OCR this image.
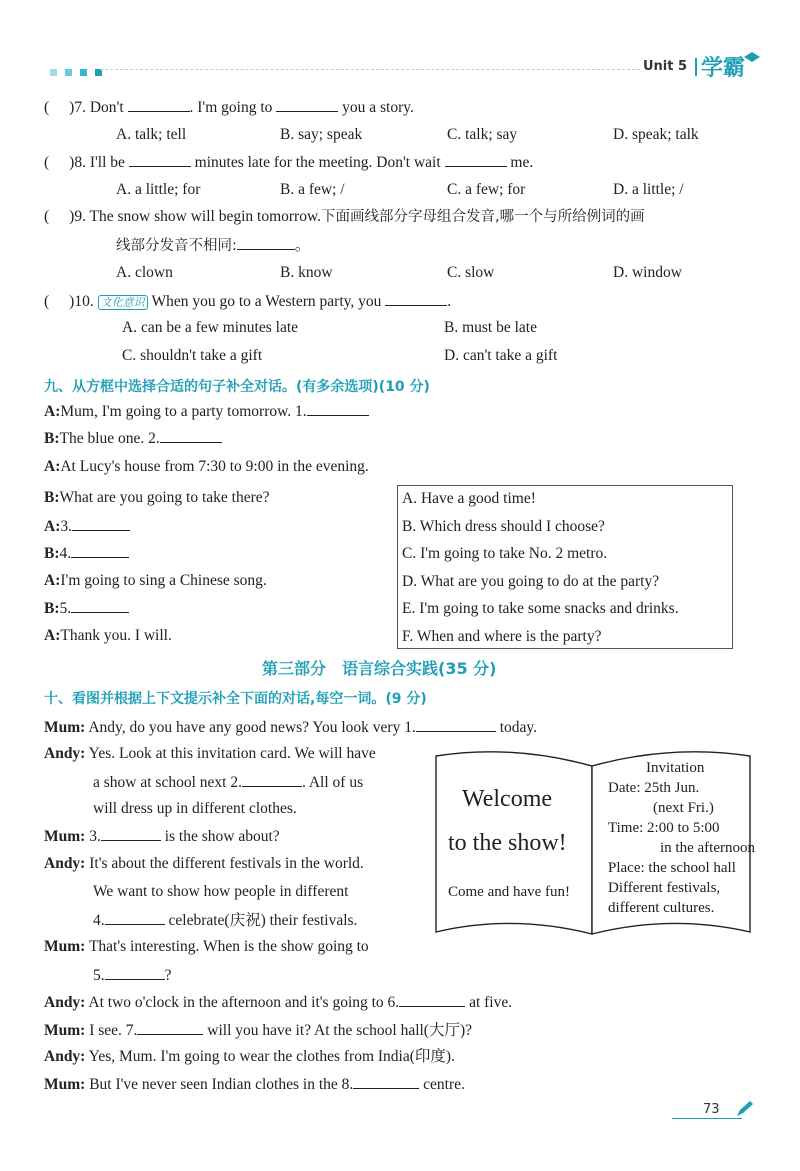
Unit 5 学霸
( )7. Don't	. I'm going to	you a story.
A. talk; tell	B. say; speak	C. talk; say	D. speak; talk
( )8. I'll be	minutes late for the meeting. Don't wait	me.
A. a little; for	B. a few; /	C. a few; for	D. a little; /
( )9. The snow show will begin tomorrow.下面画线部分字母组合发音,哪一个与所给例词的画
线部分发音不相同:	。
A. clown	B. know	C. slow	D. window
( )10. 文化意识 When you go to a Western party, you	.
A. can be a few minutes late	B. must be late
C. shouldn't take a gift	D. can't take a gift
九、从方框中选择合适的句子补全对话。(有多余选项)(10 分)
A:Mum, I'm going to a party tomorrow. 1.
B:The blue one. 2.
A:At Lucy's house from 7:30 to 9:00 in the evening.
B:What are you going to take there?
A:3.
B:4.
A:I'm going to sing a Chinese song.
B:5.
A:Thank you. I will.
A. Have a good time!
B. Which dress should I choose?
C. I'm going to take No. 2 metro.
D. What are you going to do at the party?
E. I'm going to take some snacks and drinks.
F. When and where is the party?
第三部分　语言综合实践(35 分)
十、看图并根据上下文提示补全下面的对话,每空一词。(9 分)
Mum: Andy, do you have any good news? You look very 1.	today.
Andy: Yes. Look at this invitation card. We will have
a show at school next 2.	. All of us
will dress up in different clothes.
Mum: 3.	is the show about?
Andy: It's about the different festivals in the world.
We want to show how people in different
4.	celebrate(庆祝) their festivals.
Mum: That's interesting. When is the show going to
5.	?
Andy: At two o'clock in the afternoon and it's going to 6.	at five.
Mum: I see. 7.	will you have it? At the school hall(大厅)?
Andy: Yes, Mum. I'm going to wear the clothes from India(印度).
Mum: But I've never seen Indian clothes in the 8.	centre.
Welcome
to the show!
Come and have fun!
Invitation
Date: 25th Jun.
(next Fri.)
Time: 2:00 to 5:00
in the afternoon
Place: the school hall
Different festivals,
different cultures.
73
